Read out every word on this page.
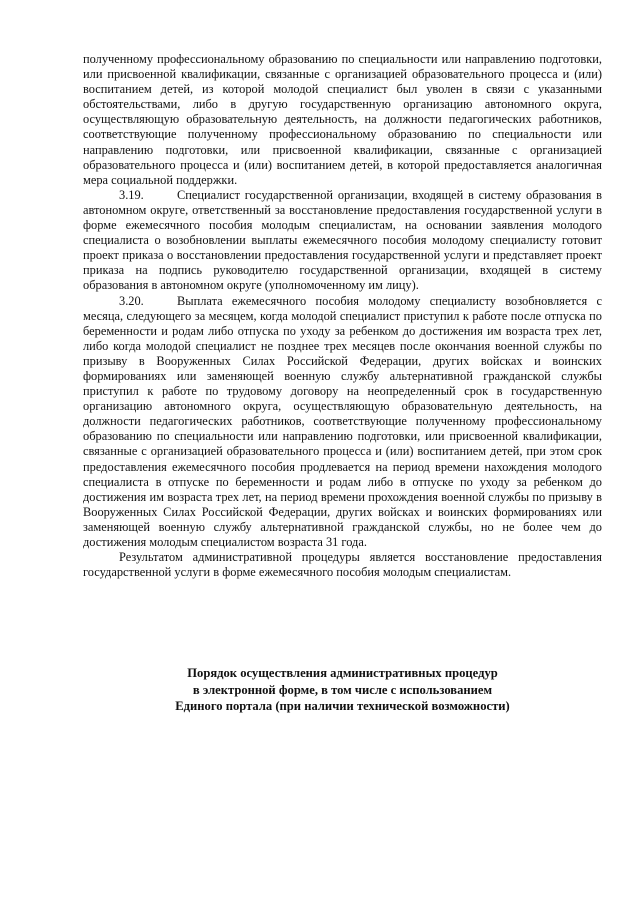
полученному профессиональному образованию по специальности или направлению подготовки, или присвоенной квалификации, связанные с организацией образовательного процесса и (или) воспитанием детей, из которой молодой специалист был уволен в связи с указанными обстоятельствами, либо в другую государственную организацию автономного округа, осуществляющую образовательную деятельность, на должности педагогических работников, соответствующие полученному профессиональному образованию по специальности или направлению подготовки, или присвоенной квалификации, связанные с организацией образовательного процесса и (или) воспитанием детей, в которой предоставляется аналогичная мера социальной поддержки.

3.19.	Специалист государственной организации, входящей в систему образования в автономном округе, ответственный за восстановление предоставления государственной услуги в форме ежемесячного пособия молодым специалистам, на основании заявления молодого специалиста о возобновлении выплаты ежемесячного пособия молодому специалисту готовит проект приказа о восстановлении предоставления государственной услуги и представляет проект приказа на подпись руководителю государственной организации, входящей в систему образования в автономном округе (уполномоченному им лицу).

3.20.	Выплата ежемесячного пособия молодому специалисту возобновляется с месяца, следующего за месяцем, когда молодой специалист приступил к работе после отпуска по беременности и родам либо отпуска по уходу за ребенком до достижения им возраста трех лет, либо когда молодой специалист не позднее трех месяцев после окончания военной службы по призыву в Вооруженных Силах Российской Федерации, других войсках и воинских формированиях или заменяющей военную службу альтернативной гражданской службы приступил к работе по трудовому договору на неопределенный срок в государственную организацию автономного округа, осуществляющую образовательную деятельность, на должности педагогических работников, соответствующие полученному профессиональному образованию по специальности или направлению подготовки, или присвоенной квалификации, связанные с организацией образовательного процесса и (или) воспитанием детей, при этом срок предоставления ежемесячного пособия продлевается на период времени нахождения молодого специалиста в отпуске по беременности и родам либо в отпуске по уходу за ребенком до достижения им возраста трех лет, на период времени прохождения военной службы по призыву в Вооруженных Силах Российской Федерации, других войсках и воинских формированиях или заменяющей военную службу альтернативной гражданской службы, но не более чем до достижения молодым специалистом возраста 31 года.

Результатом административной процедуры является восстановление предоставления государственной услуги в форме ежемесячного пособия молодым специалистам.

Порядок осуществления административных процедур
в электронной форме, в том числе с использованием
Единого портала (при наличии технической возможности)
